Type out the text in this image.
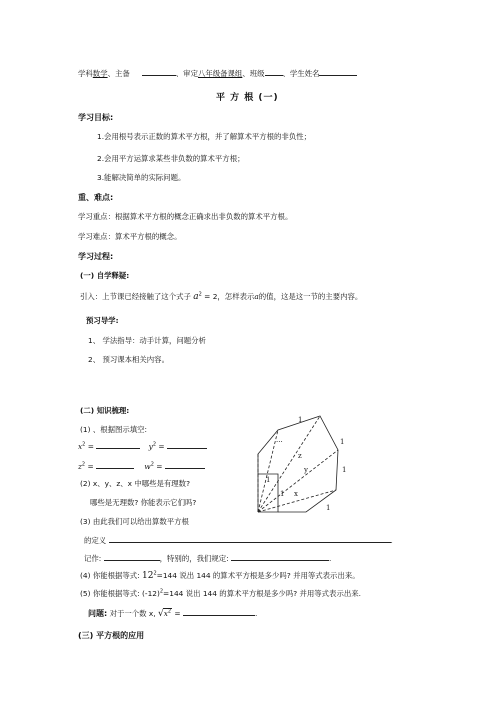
学科数学、主备	、审定八年级备课组、班级 、学生姓名
平 方 根 (一)
学习目标:
1.会用根号表示正数的算术平方根，并了解算术平方根的非负性；
2.会用平方运算求某些非负数的算术平方根；
3.能解决简单的实际问题。
重、难点:
学习重点：根据算术平方根的概念正确求出非负数的算术平方根。
学习难点：算术平方根的概念。
学习过程:
(一) 自学释疑:
引入：上节课已经接触了这个式子 $a^2 = 2$，怎样表示a的值，这是这一节的主要内容。
预习导学:
1、 学法指导：动手计算，问题分析
2、 预习课本相关内容。
(二) 知识梳理:
(1) 、根据图示填空:
$x^2$ =	$y^2$ =
$z^2$ =	$w^2$ =
(2) x、y、z、x 中哪些是有理数?
哪些是无理数? 你能表示它们吗?
(3) 由此我们可以给出算数平方根
的定义	.
记作:	，特别的，我们规定:	.
(4) 你能根据等式: $12^2=144$ 说出 144 的算术平方根是多少吗? 并用等式表示出来。
(5) 你能根据等式: $(-12)^2=144$ 说出 144 的算术平方根是多少吗? 并用等式表示出来.
问题: 对于一个数 x, $√x^2$ =	.
(三) 平方根的应用
...
z
y
x
1
1
1
1
1
1
